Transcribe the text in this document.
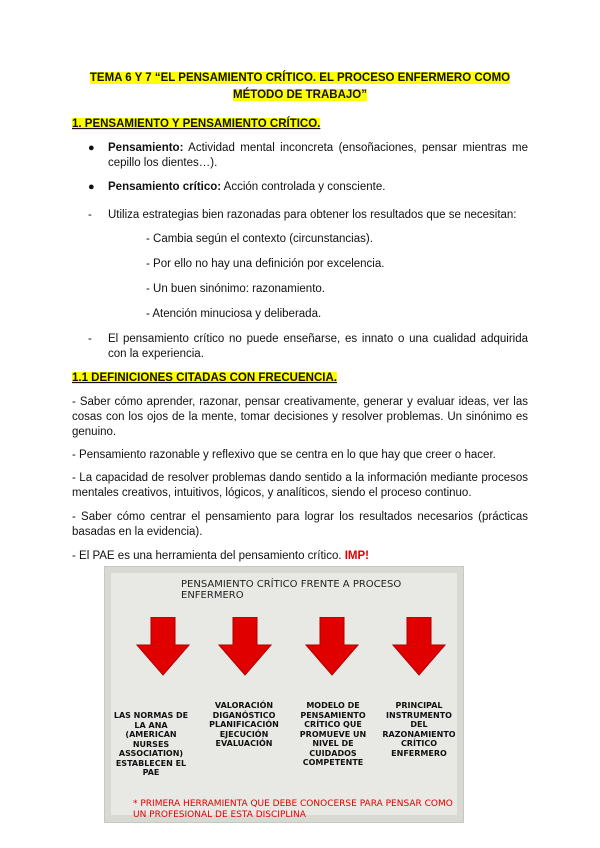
TEMA 6 Y 7 “EL PENSAMIENTO CRÍTICO. EL PROCESO ENFERMERO COMO
MÉTODO DE TRABAJO”
1. PENSAMIENTO Y PENSAMIENTO CRÍTICO.
● Pensamiento: Actividad mental inconcreta (ensoñaciones, pensar mientras me cepillo los dientes…).
● Pensamiento crítico: Acción controlada y consciente.
- Utiliza estrategias bien razonadas para obtener los resultados que se necesitan:
- Cambia según el contexto (circunstancias).
- Por ello no hay una definición por excelencia.
- Un buen sinónimo: razonamiento.
- Atención minuciosa y deliberada.
- El pensamiento crítico no puede enseñarse, es innato o una cualidad adquirida con la experiencia.
1.1 DEFINICIONES CITADAS CON FRECUENCIA.
- Saber cómo aprender, razonar, pensar creativamente, generar y evaluar ideas, ver las cosas con los ojos de la mente, tomar decisiones y resolver problemas. Un sinónimo es genuino.
- Pensamiento razonable y reflexivo que se centra en lo que hay que creer o hacer.
- La capacidad de resolver problemas dando sentido a la información mediante procesos mentales creativos, intuitivos, lógicos, y analíticos, siendo el proceso continuo.
- Saber cómo centrar el pensamiento para lograr los resultados necesarios (prácticas basadas en la evidencia).
- El PAE es una herramienta del pensamiento crítico. IMP!
PENSAMIENTO CRÍTICO FRENTE A PROCESO ENFERMERO
LAS NORMAS DE LA ANA (AMERICAN NURSES ASSOCIATION) ESTABLECEN EL PAE
VALORACIÓN DIGANÓSTICO PLANIFICACIÓN EJECUCIÓN EVALUACIÓN
MODELO DE PENSAMIENTO CRÍTICO QUE PROMUEVE UN NIVEL DE CUIDADOS COMPETENTE
PRINCIPAL INSTRUMENTO DEL RAZONAMIENTO CRÍTICO ENFERMERO
* PRIMERA HERRAMIENTA QUE DEBE CONOCERSE PARA PENSAR COMO UN PROFESIONAL DE ESTA DISCIPLINA
